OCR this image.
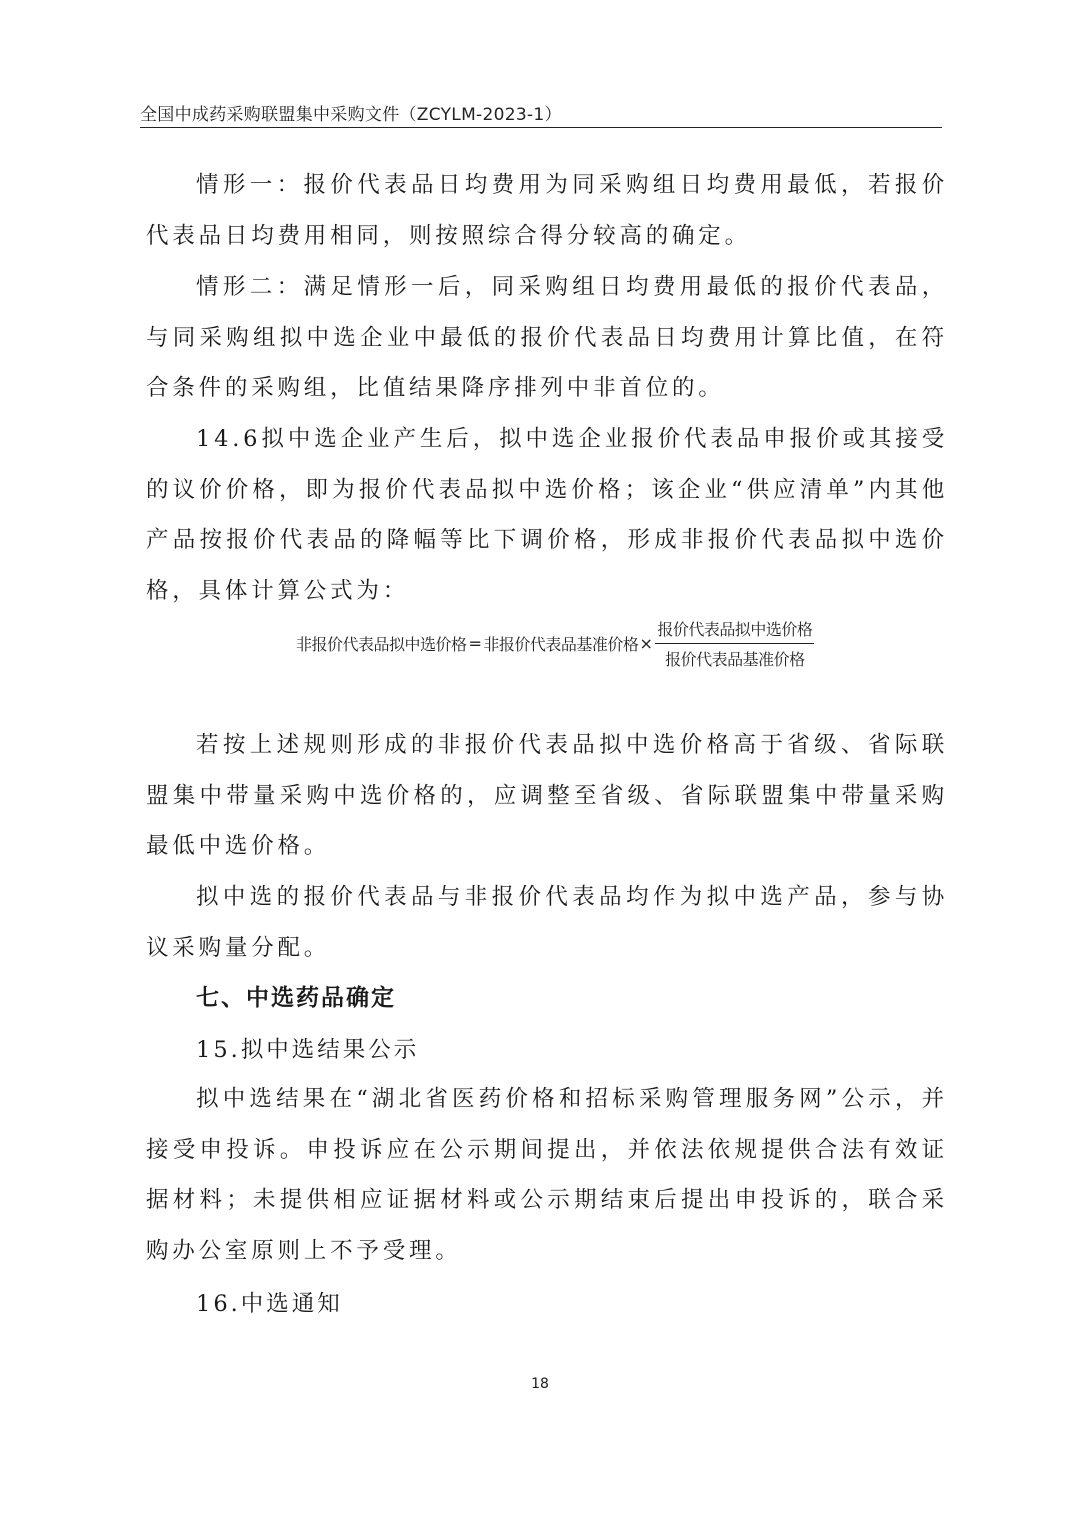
全国中成药采购联盟集中采购文件（ZCYLM-2023-1）

情形一：报价代表品日均费用为同采购组日均费用最低，若报价代表品日均费用相同，则按照综合得分较高的确定。

情形二：满足情形一后，同采购组日均费用最低的报价代表品，与同采购组拟中选企业中最低的报价代表品日均费用计算比值，在符合条件的采购组，比值结果降序排列中非首位的。

14.6拟中选企业产生后，拟中选企业报价代表品申报价或其接受的议价价格，即为报价代表品拟中选价格；该企业“供应清单”内其他产品按报价代表品的降幅等比下调价格，形成非报价代表品拟中选价格，具体计算公式为：

非报价代表品拟中选价格 = 非报价代表品基准价格 × $\frac{\text{报价代表品拟中选价格}}{\text{报价代表品基准价格}}$

若按上述规则形成的非报价代表品拟中选价格高于省级、省际联盟集中带量采购中选价格的，应调整至省级、省际联盟集中带量采购最低中选价格。

拟中选的报价代表品与非报价代表品均作为拟中选产品，参与协议采购量分配。

七、中选药品确定
15.拟中选结果公示

拟中选结果在“湖北省医药价格和招标采购管理服务网”公示，并接受申投诉。申投诉应在公示期间提出，并依法依规提供合法有效证据材料；未提供相应证据材料或公示期结束后提出申投诉的，联合采购办公室原则上不予受理。

16.中选通知
18
